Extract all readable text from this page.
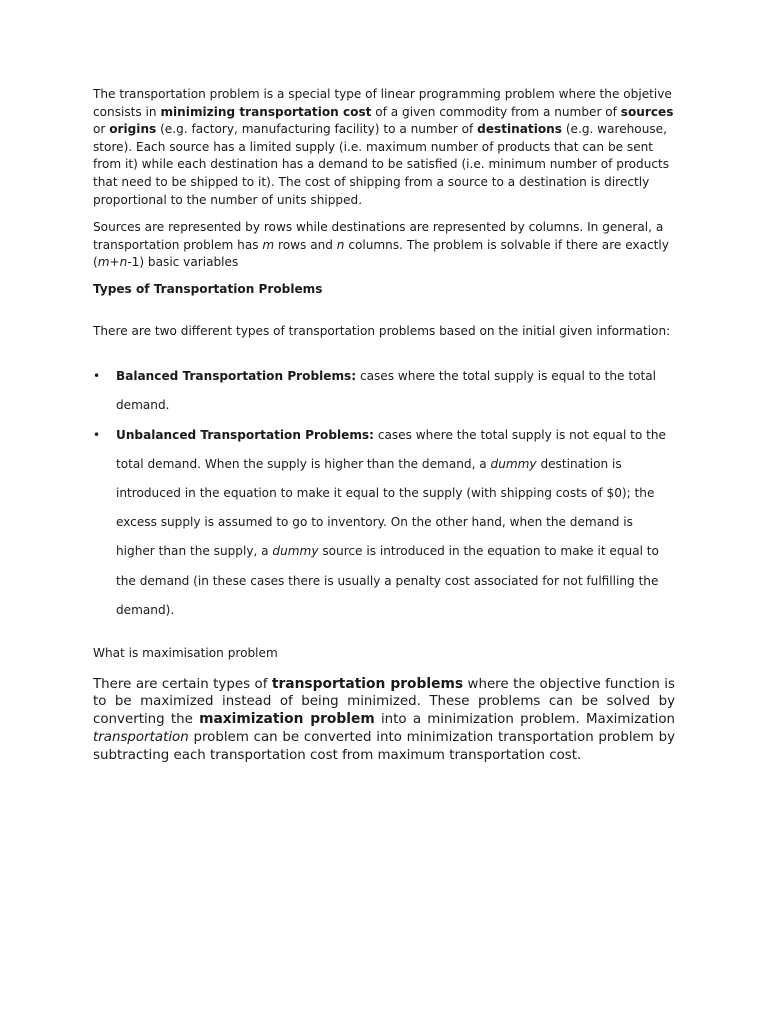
The transportation problem is a special type of linear programming problem where the objetive consists in minimizing transportation cost of a given commodity from a number of sources or origins (e.g. factory, manufacturing facility) to a number of destinations (e.g. warehouse, store). Each source has a limited supply (i.e. maximum number of products that can be sent from it) while each destination has a demand to be satisfied (i.e. minimum number of products that need to be shipped to it). The cost of shipping from a source to a destination is directly proportional to the number of units shipped.

Sources are represented by rows while destinations are represented by columns. In general, a transportation problem has m rows and n columns. The problem is solvable if there are exactly (m+n-1) basic variables

Types of Transportation Problems

There are two different types of transportation problems based on the initial given information:

• Balanced Transportation Problems: cases where the total supply is equal to the total demand.
• Unbalanced Transportation Problems: cases where the total supply is not equal to the total demand. When the supply is higher than the demand, a dummy destination is introduced in the equation to make it equal to the supply (with shipping costs of $0); the excess supply is assumed to go to inventory. On the other hand, when the demand is higher than the supply, a dummy source is introduced in the equation to make it equal to the demand (in these cases there is usually a penalty cost associated for not fulfilling the demand).

What is maximisation problem

There are certain types of transportation problems where the objective function is to be maximized instead of being minimized. These problems can be solved by converting the maximization problem into a minimization problem. Maximization transportation problem can be converted into minimization transportation problem by subtracting each transportation cost from maximum transportation cost.
